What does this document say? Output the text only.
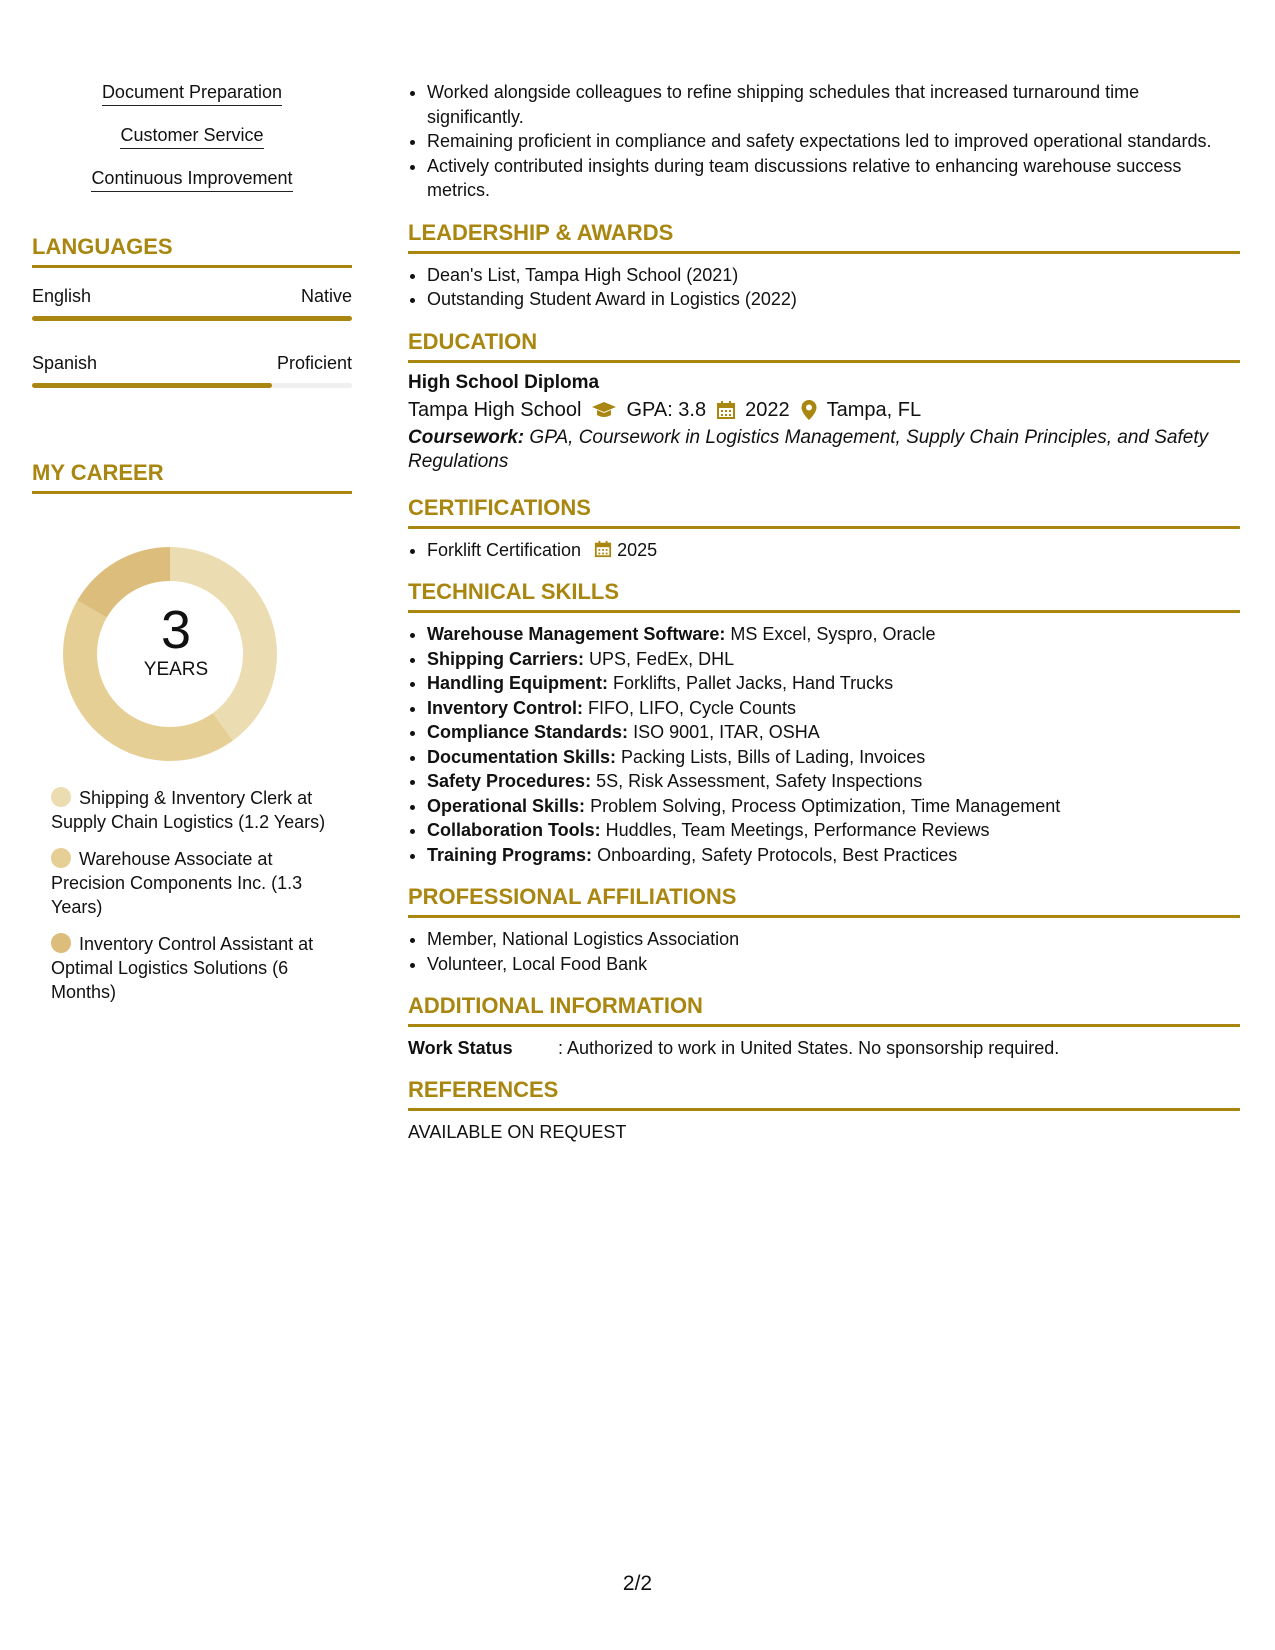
Document Preparation
Customer Service
Continuous Improvement
LANGUAGES
English	Native
Spanish	Proficient
MY CAREER
3
YEARS
Shipping & Inventory Clerk at Supply Chain Logistics (1.2 Years)
Warehouse Associate at Precision Components Inc. (1.3 Years)
Inventory Control Assistant at Optimal Logistics Solutions (6 Months)
• Worked alongside colleagues to refine shipping schedules that increased turnaround time significantly.
• Remaining proficient in compliance and safety expectations led to improved operational standards.
• Actively contributed insights during team discussions relative to enhancing warehouse success metrics.
LEADERSHIP & AWARDS
• Dean's List, Tampa High School (2021)
• Outstanding Student Award in Logistics (2022)
EDUCATION
High School Diploma
Tampa High School GPA: 3.8 2022 Tampa, FL
Coursework: GPA, Coursework in Logistics Management, Supply Chain Principles, and Safety Regulations
CERTIFICATIONS
• Forklift Certification 2025
TECHNICAL SKILLS
• Warehouse Management Software: MS Excel, Syspro, Oracle
• Shipping Carriers: UPS, FedEx, DHL
• Handling Equipment: Forklifts, Pallet Jacks, Hand Trucks
• Inventory Control: FIFO, LIFO, Cycle Counts
• Compliance Standards: ISO 9001, ITAR, OSHA
• Documentation Skills: Packing Lists, Bills of Lading, Invoices
• Safety Procedures: 5S, Risk Assessment, Safety Inspections
• Operational Skills: Problem Solving, Process Optimization, Time Management
• Collaboration Tools: Huddles, Team Meetings, Performance Reviews
• Training Programs: Onboarding, Safety Protocols, Best Practices
PROFESSIONAL AFFILIATIONS
• Member, National Logistics Association
• Volunteer, Local Food Bank
ADDITIONAL INFORMATION
Work Status	: Authorized to work in United States. No sponsorship required.
REFERENCES
AVAILABLE ON REQUEST
2/2
